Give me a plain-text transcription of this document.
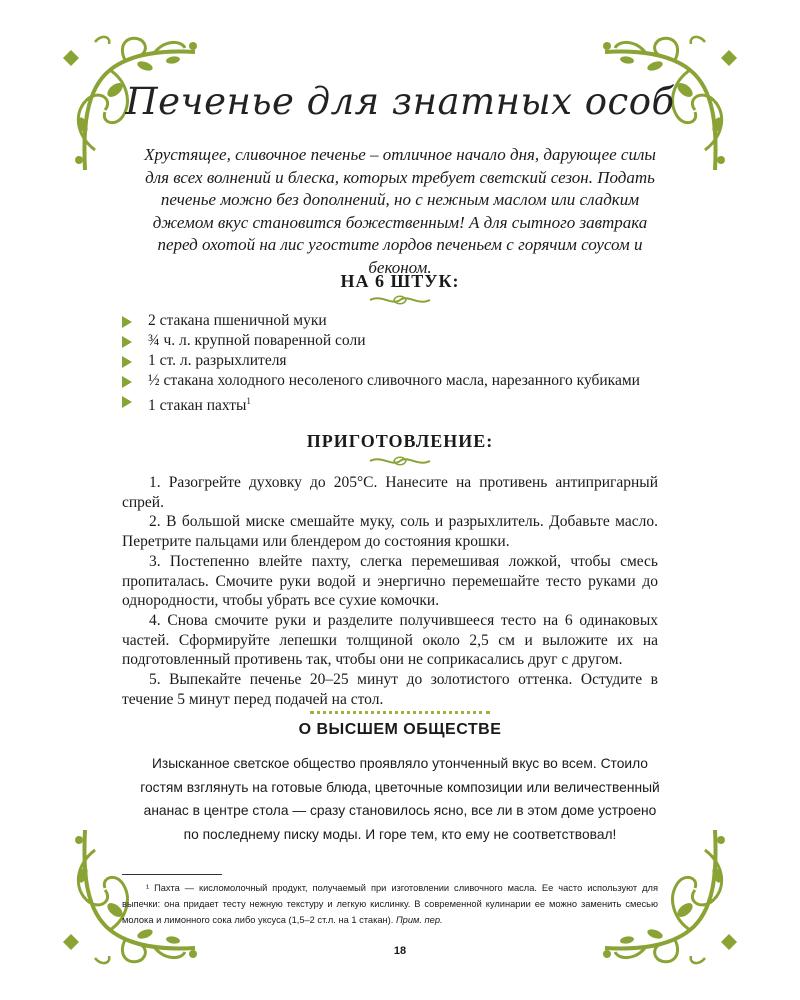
Печенье для знатных особ
Хрустящее, сливочное печенье – отличное начало дня, дарующее силы для всех волнений и блеска, которых требует светский сезон. Подать печенье можно без дополнений, но с нежным маслом или сладким джемом вкус становится божественным! А для сытного завтрака перед охотой на лис угостите лордов печеньем с горячим соусом и беконом.
НА 6 ШТУК:
2 стакана пшеничной муки
¾ ч. л. крупной поваренной соли
1 ст. л. разрыхлителя
½ стакана холодного несоленого сливочного масла, нарезанного кубиками
1 стакан пахты$^1$
ПРИГОТОВЛЕНИЕ:

1. Разогрейте духовку до 205°С. Нанесите на противень антипригарный спрей.

2. В большой миске смешайте муку, соль и разрыхлитель. Добавьте масло. Перетрите пальцами или блендером до состояния крошки.

3. Постепенно влейте пахту, слегка перемешивая ложкой, чтобы смесь пропиталась. Смочите руки водой и энергично перемешайте тесто руками до однородности, чтобы убрать все сухие комочки.

4. Снова смочите руки и разделите получившееся тесто на 6 одинаковых частей. Сформируйте лепешки толщиной около 2,5 см и выложите их на подготовленный противень так, чтобы они не соприкасались друг с другом.

5. Выпекайте печенье 20–25 минут до золотистого оттенка. Остудите в течение 5 минут перед подачей на стол.

О ВЫСШЕМ ОБЩЕСТВЕ
Изысканное светское общество проявляло утонченный вкус во всем. Стоило гостям взглянуть на готовые блюда, цветочные композиции или величественный ананас в центре стола — сразу становилось ясно, все ли в этом доме устроено по последнему писку моды. И горе тем, кто ему не соответствовал!
¹ Пахта — кисломолочный продукт, получаемый при изготовлении сливочного масла. Ее часто используют для выпечки: она придает тесту нежную текстуру и легкую кислинку. В современной кулинарии ее можно заменить смесью молока и лимонного сока либо уксуса (1,5–2 ст.л. на 1 стакан). Прим. пер.
18
